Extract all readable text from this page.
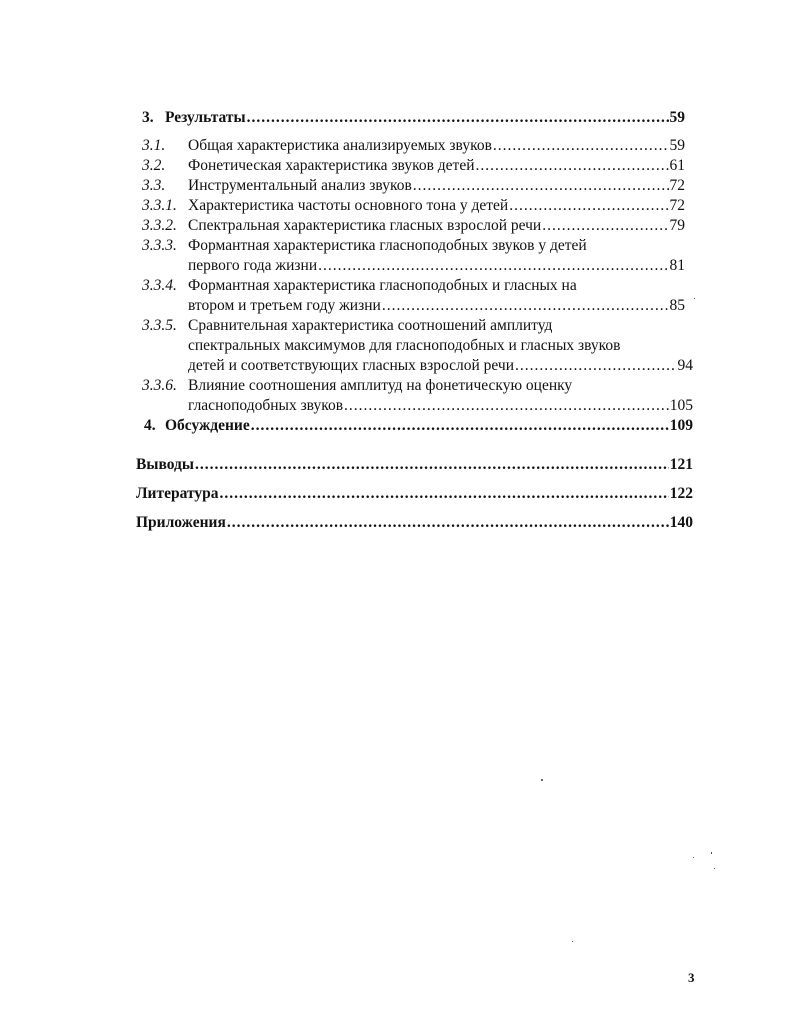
3. Результаты .....	59
3.1. Общая характеристика анализируемых звуков .....	59
3.2. Фонетическая характеристика звуков детей .....	61
3.3. Инструментальный анализ звуков .....	72
3.3.1. Характеристика частоты основного тона у детей .....	72
3.3.2. Спектральная характеристика гласных взрослой речи .....	79
3.3.3. Формантная характеристика гласноподобных звуков у детей
первого года жизни .....	81
3.3.4. Формантная характеристика гласноподобных и гласных на
втором и третьем году жизни .....	85
3.3.5. Сравнительная характеристика соотношений амплитуд
спектральных максимумов для гласноподобных и гласных звуков
детей и соответствующих гласных взрослой речи .....	94
3.3.6. Влияние соотношения амплитуд на фонетическую оценку
гласноподобных звуков .....	105
4. Обсуждение .....	109
Выводы .....	121
Литература .....	122
Приложения .....	140
3
